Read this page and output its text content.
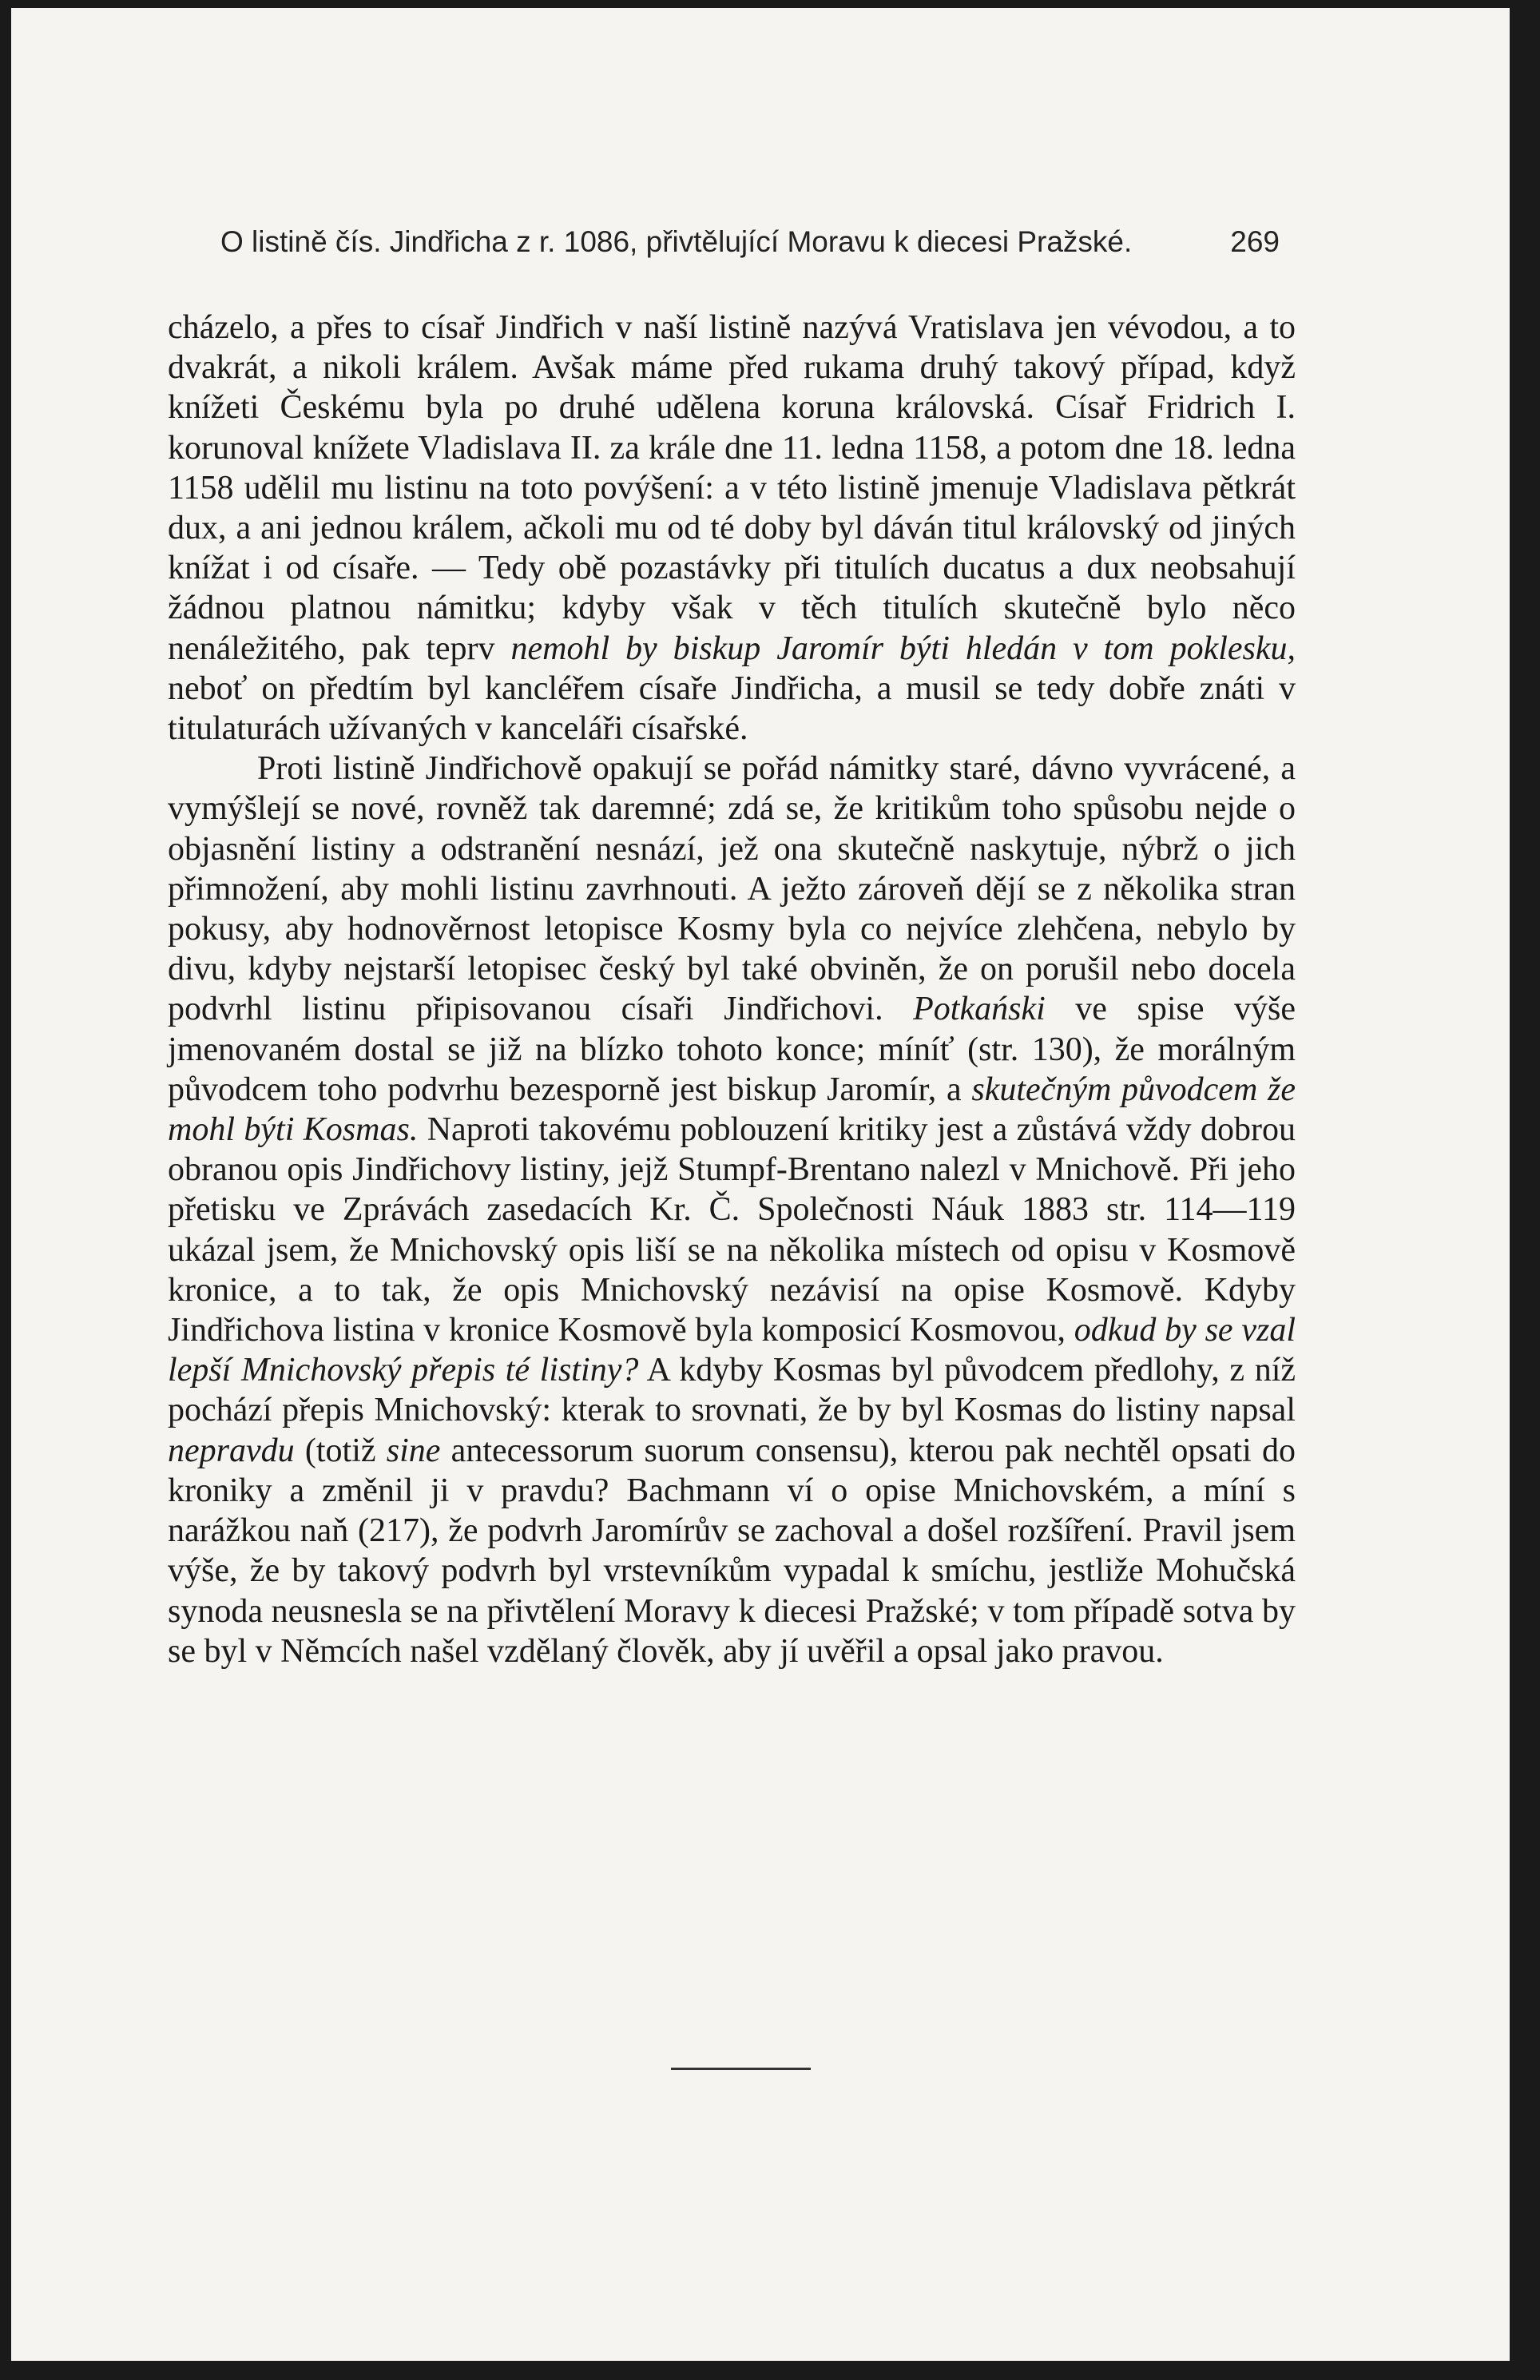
O listině čís. Jindřicha z r. 1086, přivtělující Moravu k diecesi Pražské.	269

cházelo, a přes to císař Jindřich v naší listině nazývá Vratislava jen vévodou, a to dvakrát, a nikoli králem. Avšak máme před rukama druhý takový případ, když knížeti Českému byla po druhé udělena koruna královská. Císař Fridrich I. korunoval knížete Vladislava II. za krále dne 11. ledna 1158, a potom dne 18. ledna 1158 udělil mu listinu na toto povýšení: a v této listině jmenuje Vladislava pětkrát dux, a ani jednou králem, ačkoli mu od té doby byl dáván titul královský od jiných knížat i od císaře. — Tedy obě pozastávky při titulích ducatus a dux neobsahují žádnou platnou námitku; kdyby však v těch titulích skutečně bylo něco nenáležitého, pak teprv nemohl by biskup Jaromír býti hledán v tom poklesku, neboť on předtím byl kancléřem císaře Jindřicha, a musil se tedy dobře znáti v titulaturách užívaných v kanceláři císařské.

Proti listině Jindřichově opakují se pořád námitky staré, dávno vyvrácené, a vymýšlejí se nové, rovněž tak daremné; zdá se, že kritikům toho spůsobu nejde o objasnění listiny a odstranění nesnází, jež ona skutečně naskytuje, nýbrž o jich přimnožení, aby mohli listinu zavrhnouti. A ježto zároveň dějí se z několika stran pokusy, aby hodnověrnost letopisce Kosmy byla co nejvíce zlehčena, nebylo by divu, kdyby nejstarší letopisec český byl také obviněn, že on porušil nebo docela podvrhl listinu připisovanou císaři Jindřichovi. Potkański ve spise výše jmenovaném dostal se již na blízko tohoto konce; míníť (str. 130), že morálným původcem toho podvrhu bezesporně jest biskup Jaromír, a skutečným původcem že mohl býti Kosmas. Naproti takovému poblouzení kritiky jest a zůstává vždy dobrou obranou opis Jindřichovy listiny, jejž Stumpf-Brentano nalezl v Mnichově. Při jeho přetisku ve Zprávách zasedacích Kr. Č. Společnosti Náuk 1883 str. 114—119 ukázal jsem, že Mnichovský opis liší se na několika místech od opisu v Kosmově kronice, a to tak, že opis Mnichovský nezávisí na opise Kosmově. Kdyby Jindřichova listina v kronice Kosmově byla komposicí Kosmovou, odkud by se vzal lepší Mnichovský přepis té listiny? A kdyby Kosmas byl původcem předlohy, z níž pochází přepis Mnichovský: kterak to srovnati, že by byl Kosmas do listiny napsal nepravdu (totiž sine antecessorum suorum consensu), kterou pak nechtěl opsati do kroniky a změnil ji v pravdu? Bachmann ví o opise Mnichovském, a míní s narážkou naň (217), že podvrh Jaromírův se zachoval a došel rozšíření. Pravil jsem výše, že by takový podvrh byl vrstevníkům vypadal k smíchu, jestliže Mohučská synoda neusnesla se na přivtělení Moravy k diecesi Pražské; v tom případě sotva by se byl v Němcích našel vzdělaný člověk, aby jí uvěřil a opsal jako pravou.
